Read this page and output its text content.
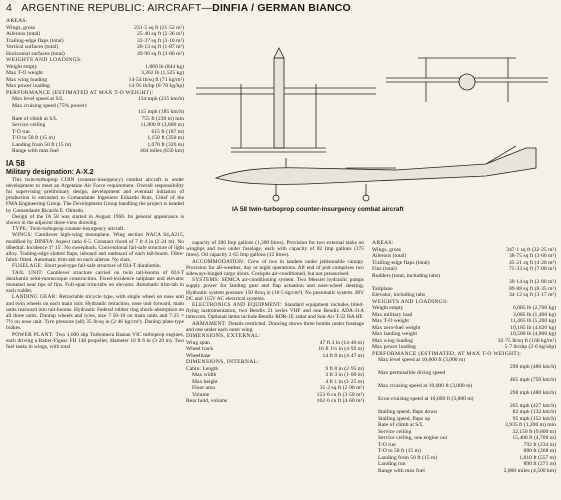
4 ARGENTINE REPUBLIC: AIRCRAFT—DINFIA / GERMAN BIANCO
AREAS:
Wings, gross	231·5 sq ft (21·52 m²)
Ailerons (total)	25·40 sq ft (2·36 m²)
Trailing-edge flaps (total)	33·37 sq ft (3·10 m²)
Vertical surfaces (total)	20·13 sq ft (1·87 m²)
Horizontal surfaces (total)	49·90 sq ft (3·80 m²)
WEIGHTS AND LOADINGS:
Weight empty	1,860 lb (844 kg)
Max T-O weight	3,362 lb (1,525 kg)
Max wing loading	14·54 lb/sq ft (71 kg/m²)
Max power loading	14·95 lb/hp (6·78 kg/hp)
PERFORMANCE (ESTIMATED AT MAX T-O WEIGHT):
Max level speed at S/L	134 mph (215 km/h)
Max cruising speed (75% power)
115 mph (185 km/h)
Rate of climb at S/L	755 ft (230 m) min
Service ceiling	11,800 ft (3,600 m)
T-O run	615 ft (187 m)
T-O to 50 ft (15 m)	1,150 ft (350 m)
Landing from 50 ft (15 m)	1,070 ft (326 m)
Range with max fuel	404 miles (650 km)
IA 58
Military designation: A-X.2
This twin-turboprop COIN (counter-insurgency) combat aircraft is under development to meet an Argentine Air Force requirement. Overall responsibility for supervising preliminary design, development and eventual initiation of production is entrusted to Comandante Ingeniero Eduardo Ruiz, Chief of the FMA Engineering Group. The Development Group handling the project is headed by Comandante Ricardo E. Olmedo.
Design of the IA 58 was started in August 1966. Its general appearance is shown in the adjacent three-view drawing.
TYPE: Twin-turboprop counter-insurgency aircraft.
WINGS: Cantilever high-wing monoplane. Wing section NACA 64₂A215, modified by DINFIA. Aspect ratio 6·5. Constant chord of 7 ft 4 in (2·24 m). No dihedral. Incidence 1° 15′. No sweepback. Conventional fail-safe structure of light alloy. Trailing-edge slotted flaps, inboard and outboard of each tail-boom. Fibre-fabric fitted. Automatic trim-tab on each aileron. No slats.
FUSELAGE: Short pod-type fail-safe structure of 024-T duralumin.
TAIL UNIT: Cantilever structure carried on twin tail-booms of 024-T duralumin semi-monocoque construction. Fixed-incidence tailplane and elevator mounted near tips of fins. Full-span trim-tabs on elevator. Automatic trim-tab in each rudder.
LANDING GEAR: Retractable tricycle type, with single wheel on nose unit and twin wheels on each main unit. Hydraulic retraction, nose unit forward, main units rearward into tail-booms. Hydraulic Federal rubber ring shock-absorption on all three units. Dunlop wheels and tyres, size 7·50-10 on main units and 7·25 × 7½ on nose unit. Tyre pressure (all) 35 lb/sq in (2·46 kg/cm²). Dunlop plate-type brakes.
POWER PLANT: Two 1,000 shp Turbomeca Bastan VIC turboprop engines, each driving a Ratier-Figeac FH 148 propeller, diameter 10 ft 6 in (3·20 m). Two fuel tanks in wings, with total
IA 58 twin-turboprop counter-insurgency combat aircraft
capacity of 286 Imp gallons (1,300 litres). Provision for two external tanks on wingtips and two under fuselage, each with capacity of 82 Imp gallons (375 litres). Oil capacity 2·65 Imp gallons (12 litres).
ACCOMMODATION: Crew of two in tandem under jettisonable canopy. Provision for all-weather, day or night operations. Aft end of pod comprises two sideways-hinged cargo doors. Cockpits air-conditioned, but not pressurised.
SYSTEMS: SEMCA air-conditioning system. Two Messier hydraulic pumps supply power for landing gear and flap actuation and nose-wheel steering. Hydraulic system pressure 150 lb/sq in (10·5 kg/cm²). No pneumatic system. 28V DC and 115V AC electrical systems.
ELECTRONICS AND EQUIPMENT: Standard equipment includes blind-flying instrumentation, two Bendix 21 series VHF and one Bendix ADA-31A intercom. Optional items include Bendix RDR-1E radar and Sun-Air T-22 HA HF.
ARMAMENT: Details restricted. Drawing shows three bombs under fuselage and one under each outer wing.
DIMENSIONS, EXTERNAL:
Wing span	47 ft 3 in (14·40 m)
Wheel track	16 ft 1¼ in (4·92 m)
Wheelbase	14 ft 8 in (4·47 m)
DIMENSIONS, INTERNAL:
Cabin: Length	9 ft 8 in (2·95 m)
Max width	3 ft 3 in (1·00 m)
Max height	4 ft 1 in (1·25 m)
Floor area	31·2 sq ft (2·90 m²)
Volume	123·0 cu ft (3·50 m³)
Rear hold, volume	162·6 cu ft (4·60 m³)
AREAS:
Wings, gross	347·1 sq ft (32·25 m²)
Ailerons (total)	38·75 sq ft (3·60 m²)
Trailing-edge flaps (total)	45·21 sq ft (4·20 m²)
Fins (total)	75·33 sq ft (7·00 m²)
Rudders (total, including tabs)
30·14 sq ft (2·80 m²)
Tailplane	89·88 sq ft (8·35 m²)
Elevator, including tabs	34·12 sq ft (3·17 m²)
WEIGHTS AND LOADINGS:
Weight empty	6,085 lb (2,760 kg)
Max military load	3,085 lb (1,400 kg)
Max T-O weight	11,465 lb (5,200 kg)
Max zero-fuel weight	10,185 lb (4,620 kg)
Max landing weight	10,580 lb (4,800 kg)
Max wing loading	32·75 lb/sq ft (160 kg/m²)
Max power loading	5·7 lb/shp (2·6 kg/shp)
PERFORMANCE (ESTIMATED, AT MAX T-O WEIGHT):
Max level speed at 10,000 ft (3,000 m)
298 mph (480 km/h)
Max permissible diving speed
465 mph (750 km/h)
Max cruising speed at 10,000 ft (3,000 m)
298 mph (480 km/h)
Econ cruising speed at 10,000 ft (3,000 m)
265 mph (427 km/h)
Stalling speed, flaps down	82 mph (132 km/h)
Stalling speed, flaps up	95 mph (152 km/h)
Rate of climb at S/L	3,935 ft (1,200 m) min
Service ceiling	32,150 ft (9,800 m)
Service ceiling, one engine out	15,400 ft (4,700 m)
T-O run	792 ft (234 m)
T-O to 50 ft (15 m)	880 ft (268 m)
Landing from 50 ft (15 m)	1,810 ft (557 m)
Landing run	890 ft (271 m)
Range with max fuel	2,800 miles (4,500 km)
